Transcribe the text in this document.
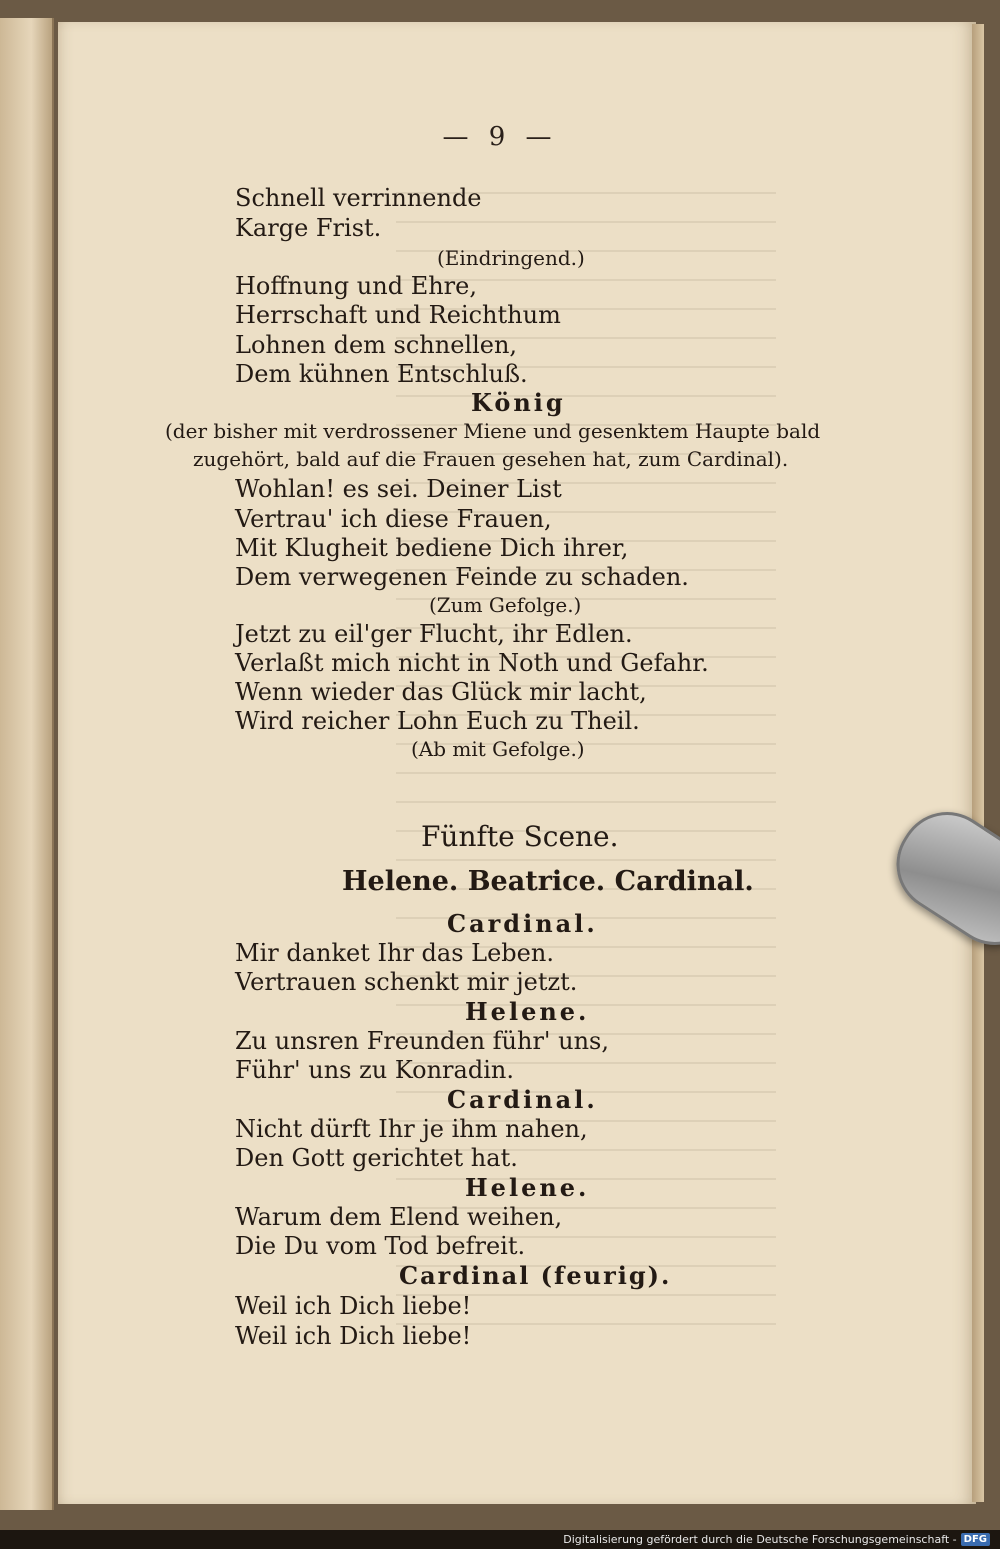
— 9 —
Schnell verrinnende
Karge Frist.
(Eindringend.)
Hoffnung und Ehre,
Herrschaft und Reichthum
Lohnen dem schnellen,
Dem kühnen Entschluß.
König
(der bisher mit verdrossener Miene und gesenktem Haupte bald
zugehört, bald auf die Frauen gesehen hat, zum Cardinal).
Wohlan! es sei. Deiner List
Vertrau' ich diese Frauen,
Mit Klugheit bediene Dich ihrer,
Dem verwegenen Feinde zu schaden.
(Zum Gefolge.)
Jetzt zu eil'ger Flucht, ihr Edlen.
Verlaßt mich nicht in Noth und Gefahr.
Wenn wieder das Glück mir lacht,
Wird reicher Lohn Euch zu Theil.
(Ab mit Gefolge.)
Fünfte Scene.
Helene. Beatrice. Cardinal.
Cardinal.
Mir danket Ihr das Leben.
Vertrauen schenkt mir jetzt.
Helene.
Zu unsren Freunden führ' uns,
Führ' uns zu Konradin.
Cardinal.
Nicht dürft Ihr je ihm nahen,
Den Gott gerichtet hat.
Helene.
Warum dem Elend weihen,
Die Du vom Tod befreit.
Cardinal (feurig).
Weil ich Dich liebe!
Weil ich Dich liebe!
Digitalisierung gefördert durch die Deutsche Forschungsgemeinschaft - DFG
